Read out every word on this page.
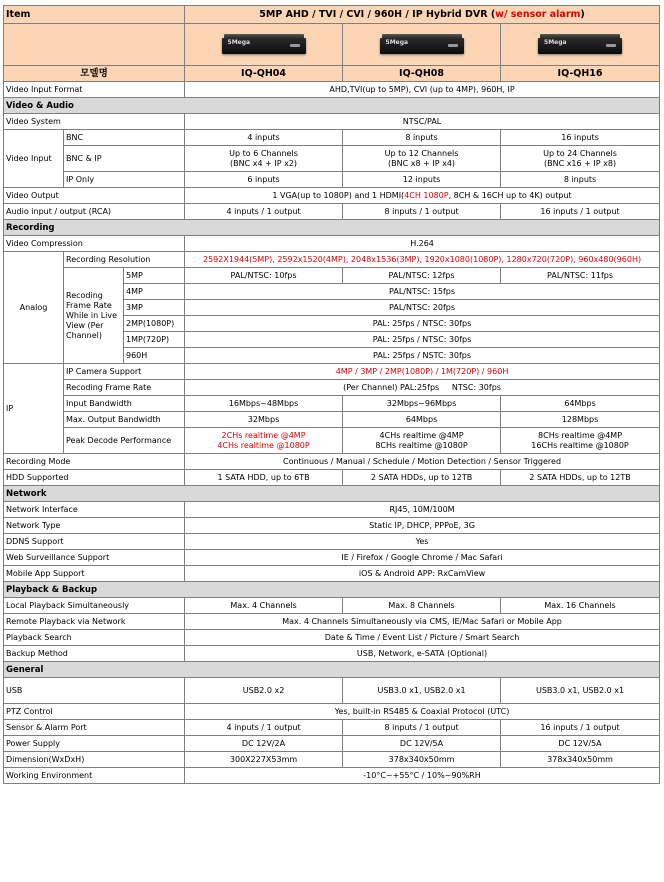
Item			5MP AHD / TVI / CVI / 960H / IP Hybrid DVR (w/ sensor alarm)		

			5Mega	5Mega	5Mega

모델명			IQ-QH04	IQ-QH08	IQ-QH16
Video Input Format			AHD,TVI(up to 5MP), CVI (up to 4MP), 960H, IP		
Video & Audio					
Video System			NTSC/PAL		
Video Input	BNC		4 inputs	8 inputs	16 inputs
	BNC & IP		Up to 6 Channels
(BNC x4 + IP x2)	Up to 12 Channels
(BNC x8 + IP x4)	Up to 24 Channels
(BNC x16 + IP x8)
	IP Only		6 inputs	12 inputs	8 inputs
Video Output			1 VGA(up to 1080P) and 1 HDMI(4CH 1080P, 8CH & 16CH up to 4K) output		
Audio input / output (RCA)			4 inputs / 1 output	8 inputs / 1 output	16 inputs / 1 output
Recording					
Video Compression			H.264		
Analog	Recording Resolution		2592X1944(5MP), 2592x1520(4MP), 2048x1536(3MP), 1920x1080(1080P), 1280x720(720P), 960x480(960H)		
	Recoding
Frame Rate
While in Live
View (Per
Channel)	5MP	PAL/NTSC: 10fps	PAL/NTSC: 12fps	PAL/NTSC: 11fps
		4MP	PAL/NTSC: 15fps		
		3MP	PAL/NTSC: 20fps		
		2MP(1080P)	PAL: 25fps / NTSC: 30fps		
		1MP(720P)	PAL: 25fps / NTSC: 30fps		
		960H	PAL: 25fps / NSTC: 30fps		
IP	IP Camera Support		4MP / 3MP / 2MP(1080P) / 1M(720P) / 960H		
	Recoding Frame Rate		(Per Channel) PAL:25fps     NTSC: 30fps		
	Input Bandwidth		16Mbps~48Mbps	32Mbps~96Mbps	64Mbps
	Max. Output Bandwidth		32Mbps	64Mbps	128Mbps
	Peak Decode Performance		2CHs realtime @4MP
4CHs realtime @1080P	4CHs realtime @4MP
8CHs realtime @1080P	8CHs realtime @4MP
16CHs realtime @1080P
Recording Mode			Continuous / Manual / Schedule / Motion Detection / Sensor Triggered		
HDD Supported			1 SATA HDD, up to 6TB	2 SATA HDDs, up to 12TB	2 SATA HDDs, up to 12TB
Network					
Network Interface			RJ45, 10M/100M		
Network Type			Static IP, DHCP, PPPoE, 3G		
DDNS Support			Yes		
Web Surveillance Support			IE / Firefox / Google Chrome / Mac Safari		
Mobile App Support			iOS & Android APP: RxCamView		
Playback & Backup					
Local Playback Simultaneously			Max. 4 Channels	Max. 8 Channels	Max. 16 Channels
Remote Playback via Network			Max. 4 Channels Simultaneously via CMS, IE/Mac Safari or Mobile App		
Playback Search			Date & Time / Event List / Picture / Smart Search		
Backup Method			USB, Network, e-SATA (Optional)		
General					
USB			USB2.0 x2	USB3.0 x1, USB2.0 x1	USB3.0 x1, USB2.0 x1
PTZ Control			Yes, built-in RS485 & Coaxial Protocol (UTC)		
Sensor & Alarm Port			4 inputs / 1 output	8 inputs / 1 output	16 inputs / 1 output
Power Supply			DC 12V/2A	DC 12V/5A	DC 12V/5A
Dimension(WxDxH)			300X227X53mm	378x340x50mm	378x340x50mm
Working Environment			-10°C~+55°C / 10%~90%RH		
